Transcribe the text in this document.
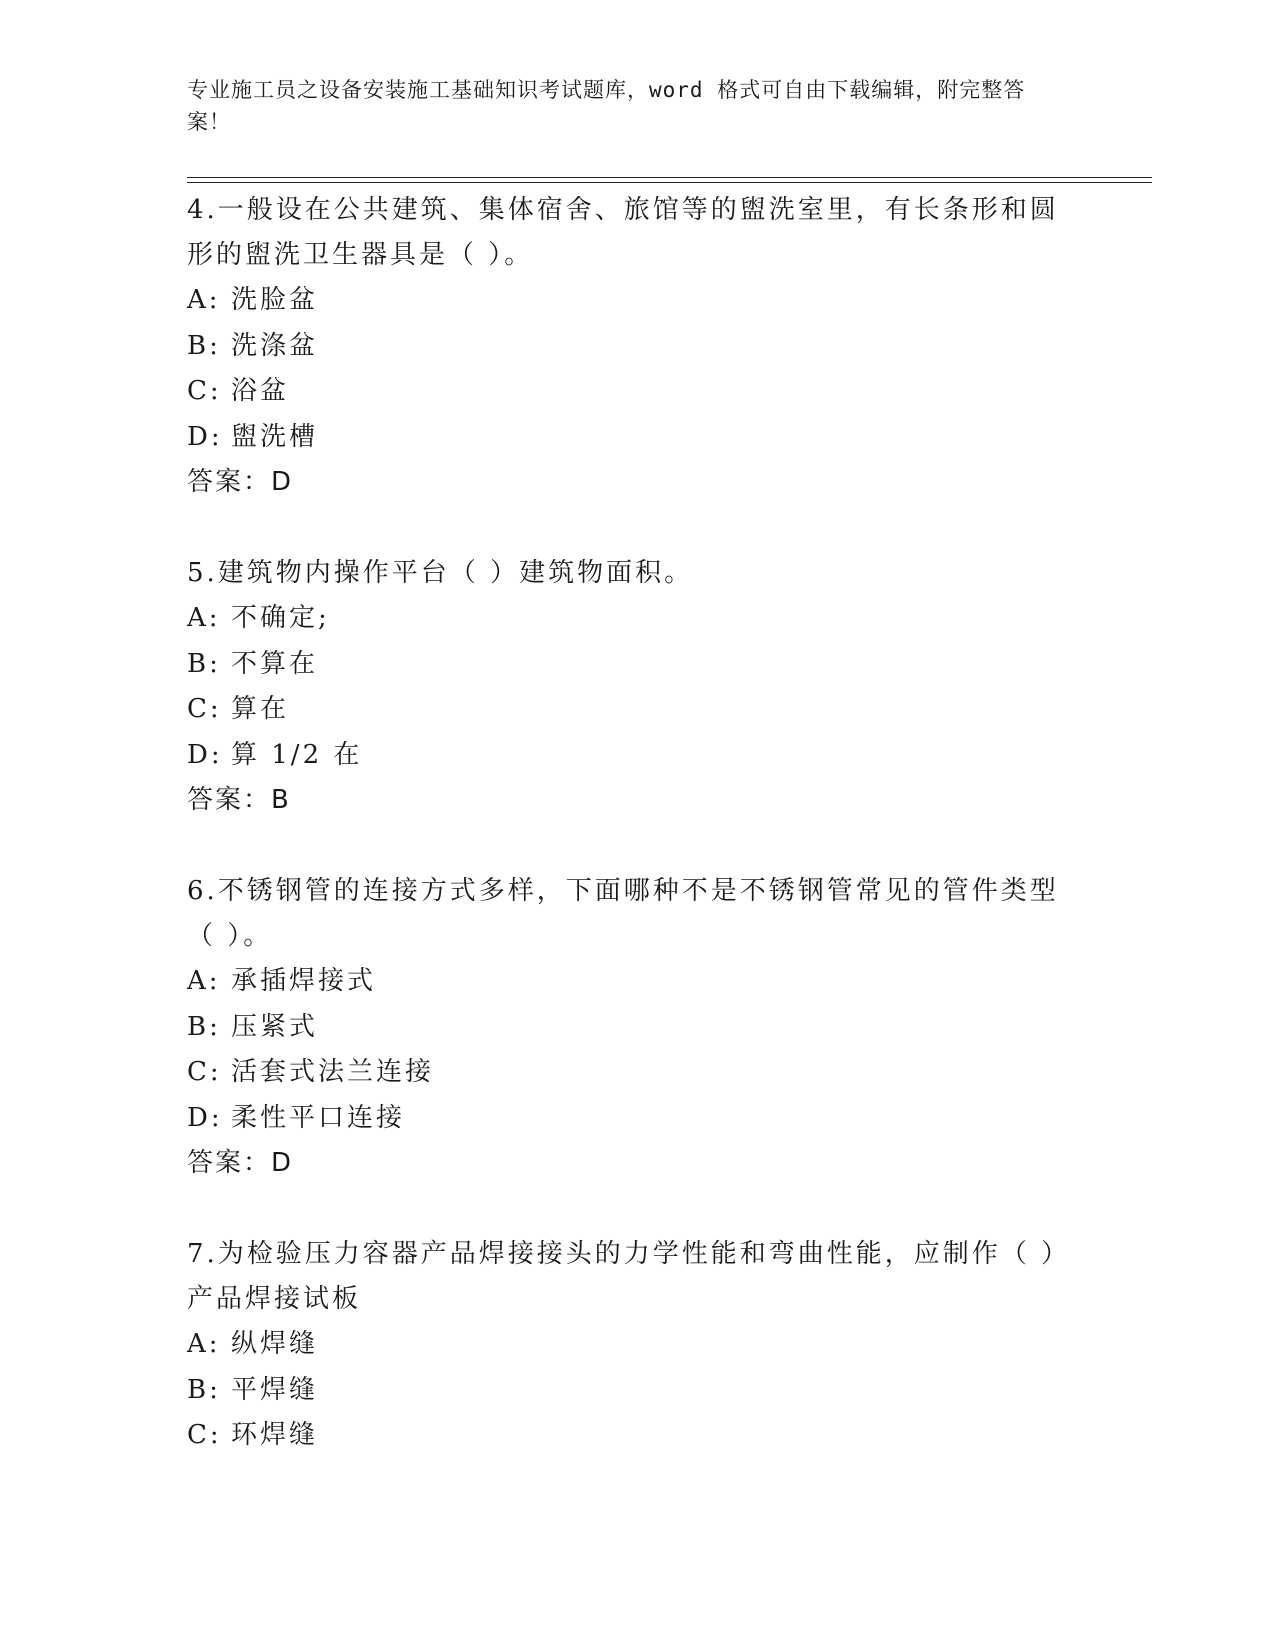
专业施工员之设备安装施工基础知识考试题库，word 格式可自由下载编辑，附完整答案！

4.一般设在公共建筑、集体宿舍、旅馆等的盥洗室里，有长条形和圆形的盥洗卫生器具是（ ）。

A: 洗脸盆

B: 洗涤盆

C: 浴盆

D: 盥洗槽

答案：D

5.建筑物内操作平台（ ）建筑物面积。

A: 不确定;

B: 不算在

C: 算在

D: 算 1/2 在

答案：B

6.不锈钢管的连接方式多样，下面哪种不是不锈钢管常见的管件类型（ ）。

A: 承插焊接式

B: 压紧式

C: 活套式法兰连接

D: 柔性平口连接

答案：D

7.为检验压力容器产品焊接接头的力学性能和弯曲性能，应制作（ ）产品焊接试板

A: 纵焊缝

B: 平焊缝

C: 环焊缝
